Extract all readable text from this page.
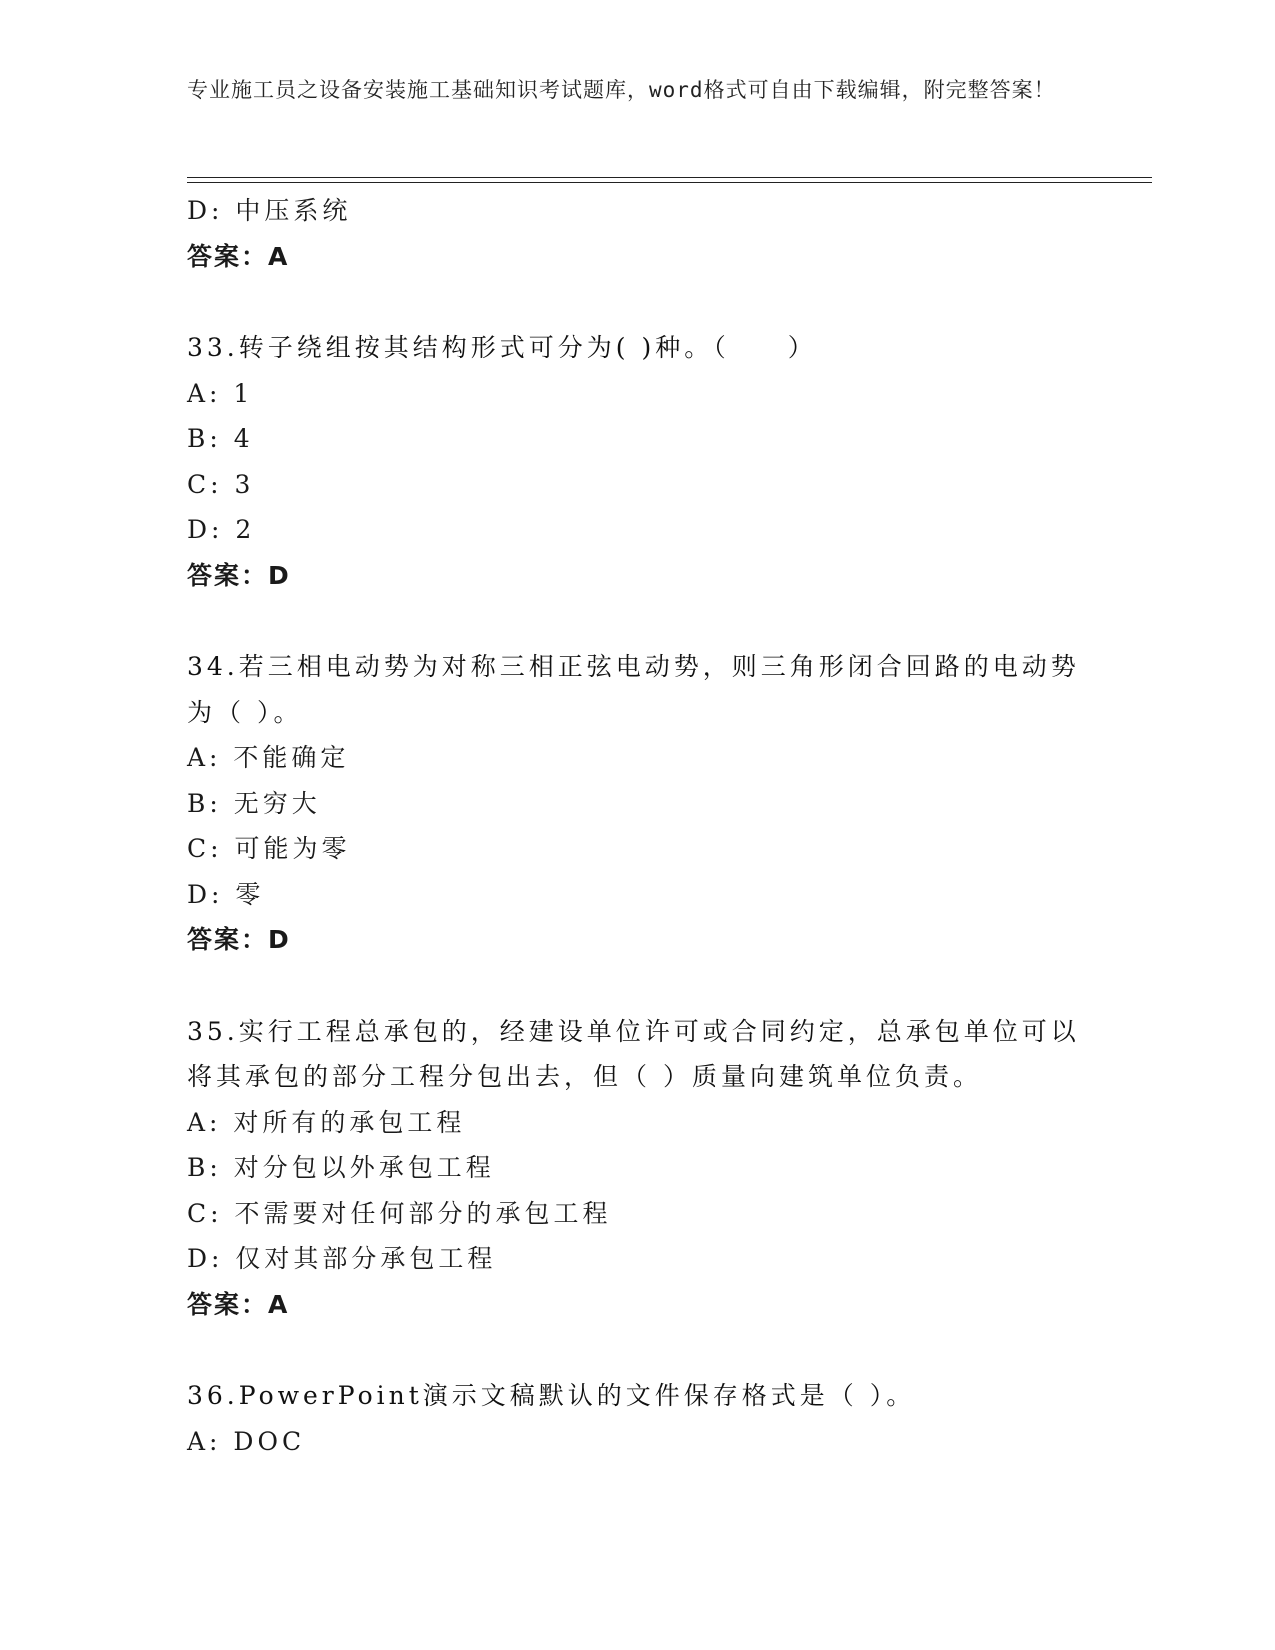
专业施工员之设备安装施工基础知识考试题库，word格式可自由下载编辑，附完整答案！
D: 中压系统
答案：A
33.转子绕组按其结构形式可分为( )种。（　　）
A: 1
B: 4
C: 3
D: 2
答案：D
34.若三相电动势为对称三相正弦电动势，则三角形闭合回路的电动势为（ ）。
A: 不能确定
B: 无穷大
C: 可能为零
D: 零
答案：D
35.实行工程总承包的，经建设单位许可或合同约定，总承包单位可以将其承包的部分工程分包出去，但（ ）质量向建筑单位负责。
A: 对所有的承包工程
B: 对分包以外承包工程
C: 不需要对任何部分的承包工程
D: 仅对其部分承包工程
答案：A
36.PowerPoint演示文稿默认的文件保存格式是（ ）。
A: DOC
